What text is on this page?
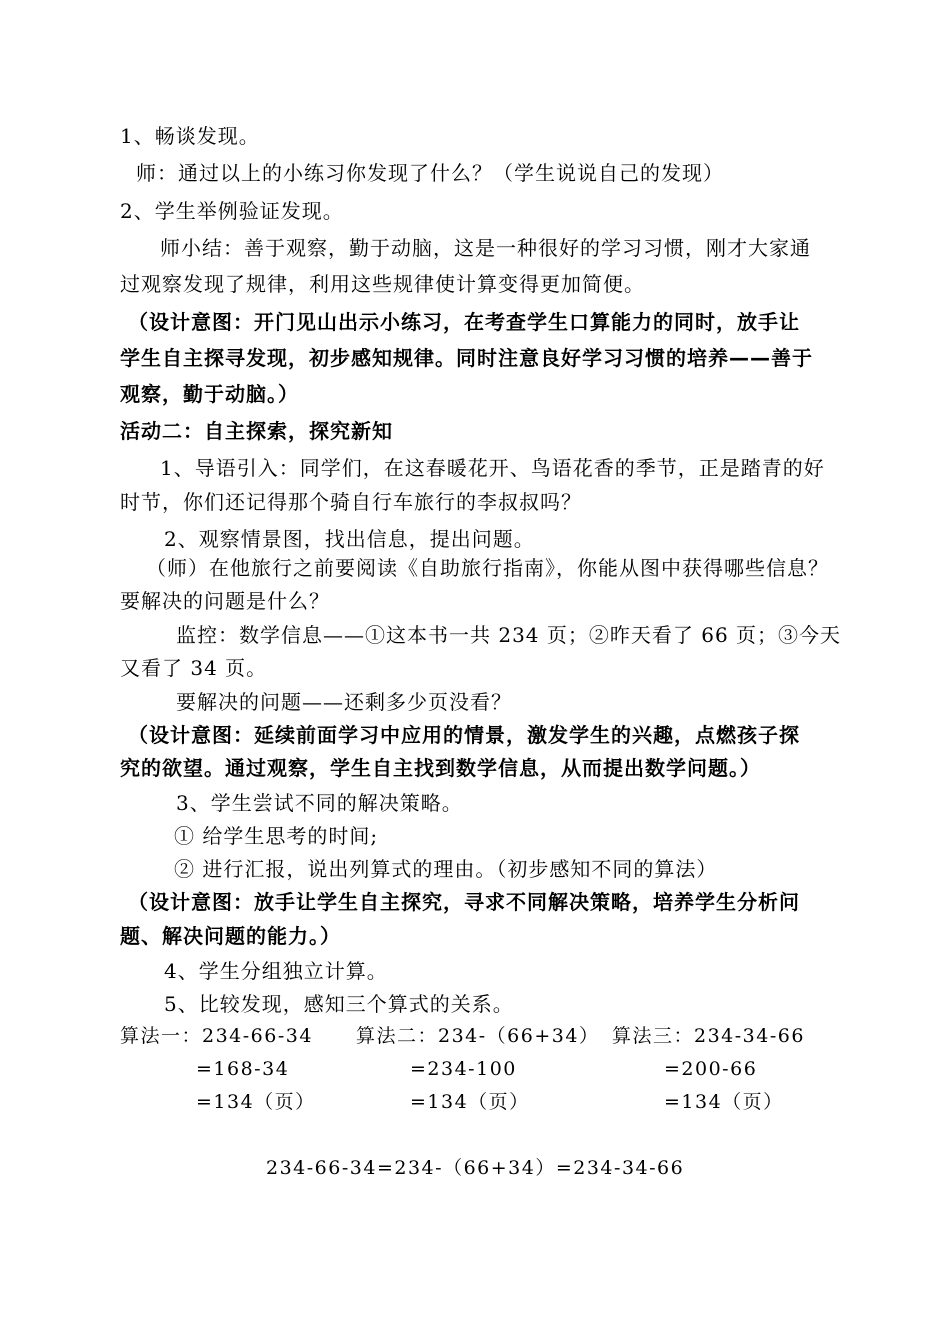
1、畅谈发现。
师：通过以上的小练习你发现了什么？（学生说说自己的发现）
2、学生举例验证发现。
师小结：善于观察，勤于动脑，这是一种很好的学习习惯，刚才大家通
过观察发现了规律，利用这些规律使计算变得更加简便。
（设计意图：开门见山出示小练习，在考查学生口算能力的同时，放手让
学生自主探寻发现，初步感知规律。同时注意良好学习习惯的培养——善于
观察，勤于动脑。）
活动二：自主探索，探究新知
1、导语引入：同学们，在这春暖花开、鸟语花香的季节，正是踏青的好
时节，你们还记得那个骑自行车旅行的李叔叔吗？
2、观察情景图，找出信息，提出问题。
（师）在他旅行之前要阅读《自助旅行指南》，你能从图中获得哪些信息？
要解决的问题是什么？
监控：数学信息——①这本书一共 234 页；②昨天看了 66 页；③今天
又看了 34 页。
要解决的问题——还剩多少页没看？
（设计意图：延续前面学习中应用的情景，激发学生的兴趣，点燃孩子探
究的欲望。通过观察，学生自主找到数学信息，从而提出数学问题。）
3、学生尝试不同的解决策略。
① 给学生思考的时间;
② 进行汇报，说出列算式的理由。（初步感知不同的算法）
（设计意图：放手让学生自主探究，寻求不同解决策略，培养学生分析问
题、解决问题的能力。）
4、学生分组独立计算。
5、比较发现，感知三个算式的关系。
算法一：234-66-34
=168-34
=134（页）
算法二：234-（66+34）
=234-100
=134（页）
算法三：234-34-66
=200-66
=134（页）
234-66-34=234-（66+34）=234-34-66
